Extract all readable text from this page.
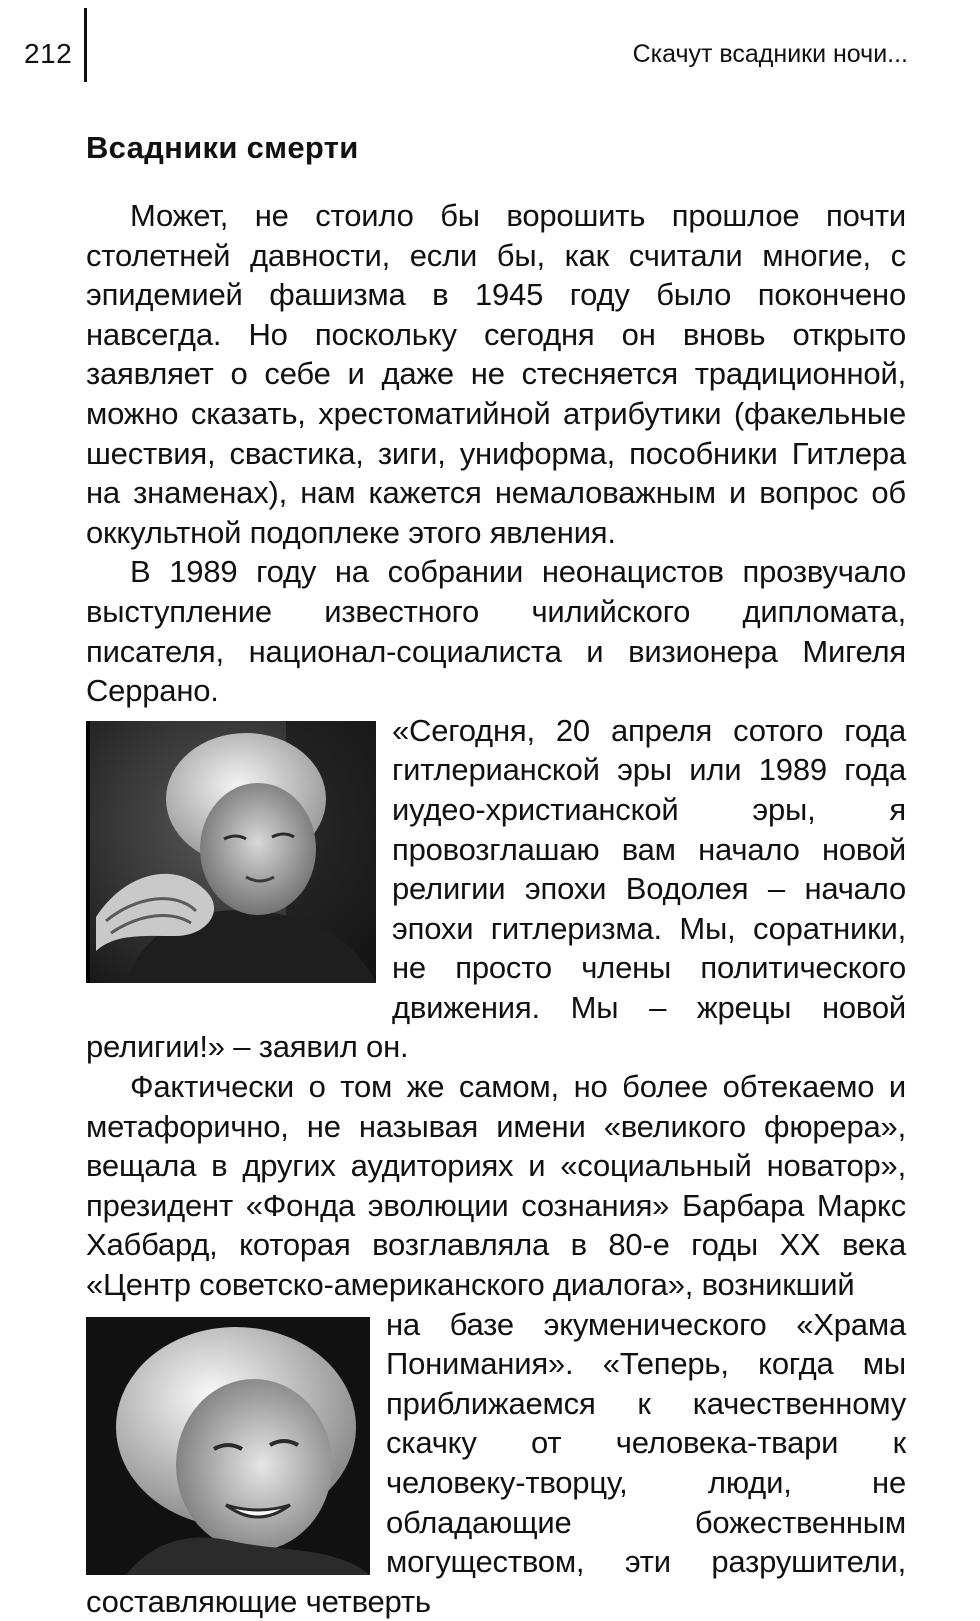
212	Скачут всадники ночи...
Всадники смерти

Может, не стоило бы ворошить прошлое почти столетней давности, если бы, как считали многие, с эпидемией фашизма в 1945 году было покончено навсегда. Но поскольку сегодня он вновь открыто заявляет о себе и даже не стесняется традиционной, можно сказать, хрестоматийной атрибутики (факельные шествия, свастика, зиги, униформа, пособники Гитлера на знаменах), нам кажется немаловажным и вопрос об оккультной подоплеке этого явления.

В 1989 году на собрании неонацистов прозвучало выступление известного чилийского дипломата, писателя, национал-социалиста и визионера Мигеля Серрано.

«Сегодня, 20 апреля сотого года гитлерианской эры или 1989 года иудео-христианской эры, я провозглашаю вам начало новой религии эпохи Водолея – начало эпохи гитлеризма. Мы, соратники, не просто члены политического движения. Мы – жрецы новой религии!» – заявил он.

Фактически о том же самом, но более обтекаемо и метафорично, не называя имени «великого фюрера», вещала в других аудиториях и «социальный новатор», президент «Фонда эволюции сознания» Барбара Маркс Хаббард, которая возглавляла в 80-е годы XX века «Центр советско-американского диалога», возникший

на базе экуменического «Храма Понимания». «Теперь, когда мы приближаемся к качественному скачку от человека-твари к человеку-творцу, люди, не обладающие божественным могуществом, эти разрушители, составляющие четверть
